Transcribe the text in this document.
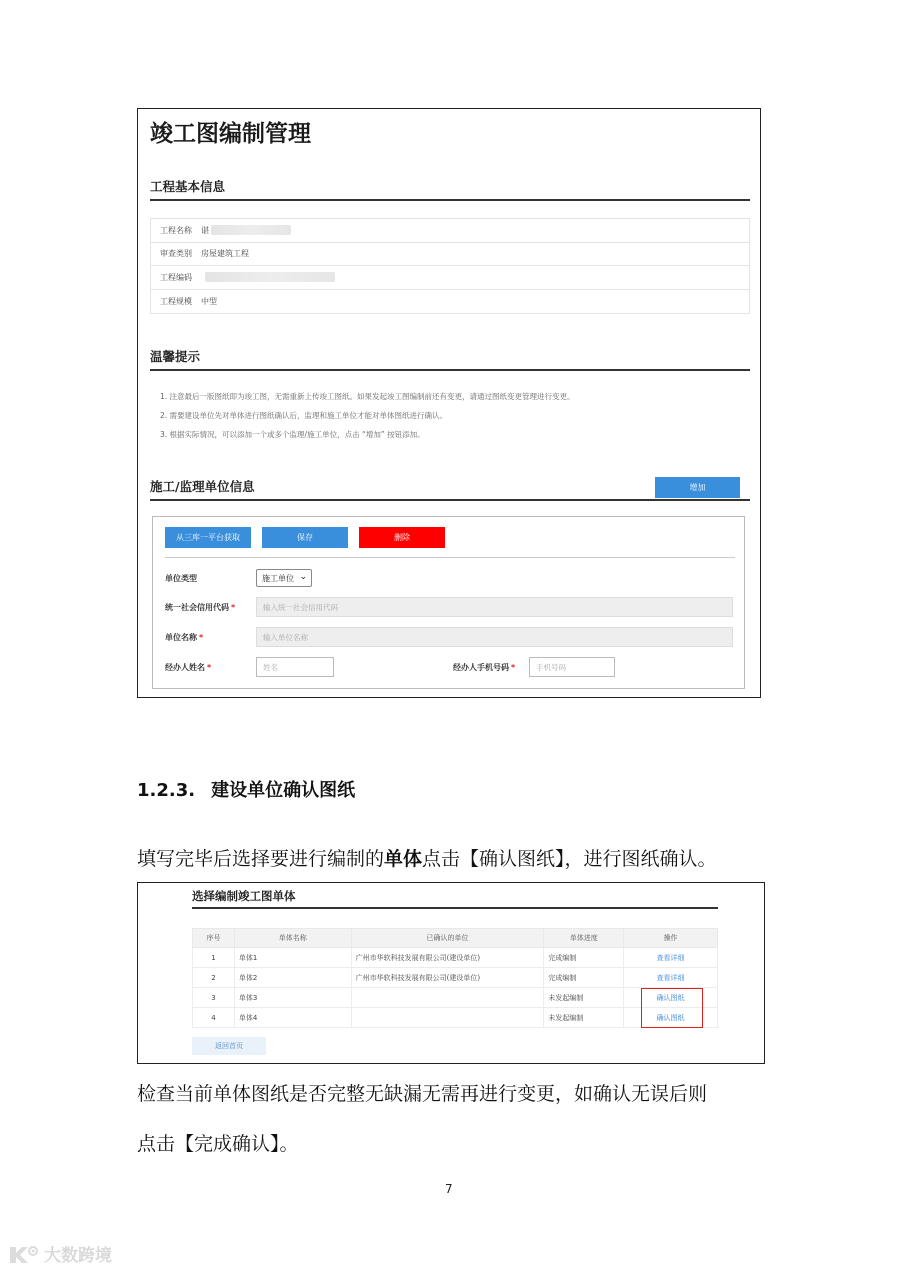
竣工图编制管理
工程基本信息
工程名称	谌
审查类别	房屋建筑工程
工程编码
工程规模	中型
温馨提示
1. 注意最后一版图纸即为竣工图，无需重新上传竣工图纸。如果发起竣工图编制前还有变更，请通过图纸变更管理进行变更。
2. 需要建设单位先对单体进行图纸确认后，监理和施工单位才能对单体图纸进行确认。
3. 根据实际情况，可以添加一个或多个监理/施工单位，点击 “增加” 按钮添加。
施工/监理单位信息	增加
从三库一平台获取	保存	删除
单位类型	施工单位 ⌄
统一社会信用代码 *	输入统一社会信用代码
单位名称 *	输入单位名称
经办人姓名 *	姓名	经办人手机号码 *	手机号码
1.2.3. 建设单位确认图纸
填写完毕后选择要进行编制的单体点击【确认图纸】，进行图纸确认。
选择编制竣工图单体
序号	单体名称	已确认的单位	单体进度	操作
1	单体1	广州市华软科技发展有限公司(建设单位)	完成编制	查看详细
2	单体2	广州市华软科技发展有限公司(建设单位)	完成编制	查看详细
3	单体3		未发起编制	确认图纸
4	单体4		未发起编制	确认图纸
返回首页
检查当前单体图纸是否完整无缺漏无需再进行变更，如确认无误后则
点击【完成确认】。
7
大数跨境
